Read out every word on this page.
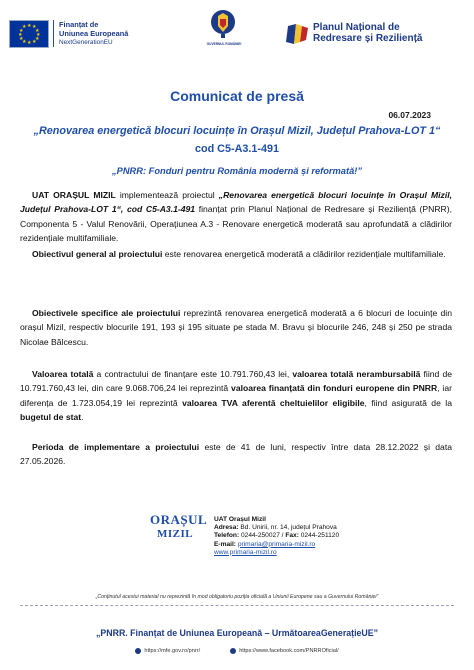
★ ★
★
★
★
★
★
★
★
★
★
★	Finanțat de
Uniunea Europeană
NextGenerationEU	GUVERNUL ROMÂNIEI
Planul Național de
Redresare și Reziliență
Comunicat de presă
06.07.2023
„Renovarea energetică blocuri locuințe în Orașul Mizil, Județul Prahova-LOT 1“
cod C5-A3.1-491
„PNRR: Fonduri pentru România modernă și reformată!”
UAT ORAȘUL MIZIL implementează proiectul „Renovarea energetică blocuri locuințe în Orașul Mizil, Județul Prahova-LOT 1“, cod C5-A3.1-491 finanțat prin Planul Național de Redresare și Reziliență (PNRR), Componenta 5 - Valul Renovării, Operațiunea A.3 - Renovare energetică moderată sau aprofundată a clădirilor rezidențiale multifamiliale.
Obiectivul general al proiectului este renovarea energetică moderată a clădirilor rezidențiale multifamiliale.
Obiectivele specifice ale proiectului reprezintă renovarea energetică moderată a 6 blocuri de locuințe din orașul Mizil, respectiv blocurile 191, 193 și 195 situate pe stada M. Bravu și blocurile 246, 248 și 250 pe strada Nicolae Bălcescu.
Valoarea totală a contractului de finanțare este 10.791.760,43 lei, valoarea totală nerambursabilă fiind de 10.791.760,43 lei, din care 9.068.706,24 lei reprezintă valoarea finanțată din fonduri europene din PNRR, iar diferența de 1.723.054,19 lei reprezintă valoarea TVA aferentă cheltuielilor eligibile, fiind asigurată de la bugetul de stat.
Perioda de implementare a proiectului este de 41 de luni, respectiv între data 28.12.2022 și data 27.05.2026.
ORAȘUL
MIZIL
UAT Orașul Mizil
Adresa: Bd. Unirii, nr. 14, județul Prahova
Telefon: 0244-250027 / Fax: 0244-251120
E-mail: primaria@primaria-mizil.ro
www.primaria-mizil.ro
„Conținutul acestui material nu reprezintă în mod obligatoriu poziția oficială a Uniunii Europene sau a Guvernului României”
„PNRR. Finanțat de Uniunea Europeană – UrmătoareaGenerațieUE”
https://mfe.gov.ro/pnrr/	https://www.facebook.com/PNRROficial/
